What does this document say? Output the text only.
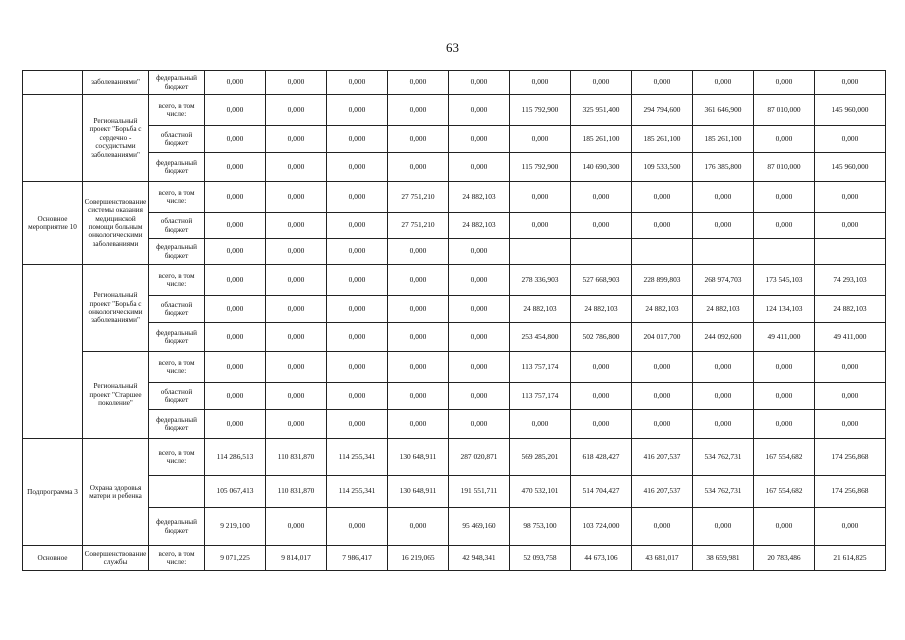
63
	заболеваниями"	федеральный бюджет	0,000	0,000	0,000	0,000	0,000	0,000	0,000	0,000	0,000	0,000	0,000
	Региональный проект "Борьба с сердечно - сосудистыми заболеваниями"	всего, в том числе:	0,000	0,000	0,000	0,000	0,000	115 792,900	325 951,400	294 794,600	361 646,900	87 010,000	145 960,000
		областной бюджет	0,000	0,000	0,000	0,000	0,000	0,000	185 261,100	185 261,100	185 261,100	0,000	0,000
		федеральный бюджет	0,000	0,000	0,000	0,000	0,000	115 792,900	140 690,300	109 533,500	176 385,800	87 010,000	145 960,000
Основное мероприятие 10	Совершенствование системы оказания медицинской помощи больным онкологическими заболеваниями	всего, в том числе:	0,000	0,000	0,000	27 751,210	24 882,103	0,000	0,000	0,000	0,000	0,000	0,000
		областной бюджет	0,000	0,000	0,000	27 751,210	24 882,103	0,000	0,000	0,000	0,000	0,000	0,000
		федеральный бюджет	0,000	0,000	0,000	0,000	0,000						
	Региональный проект "Борьба с онкологическими заболеваниями"	всего, в том числе:	0,000	0,000	0,000	0,000	0,000	278 336,903	527 668,903	228 899,803	268 974,703	173 545,103	74 293,103
		областной бюджет	0,000	0,000	0,000	0,000	0,000	24 882,103	24 882,103	24 882,103	24 882,103	124 134,103	24 882,103
		федеральный бюджет	0,000	0,000	0,000	0,000	0,000	253 454,800	502 786,800	204 017,700	244 092,600	49 411,000	49 411,000
	Региональный проект "Старшее поколение"	всего, в том числе:	0,000	0,000	0,000	0,000	0,000	113 757,174	0,000	0,000	0,000	0,000	0,000
		областной бюджет	0,000	0,000	0,000	0,000	0,000	113 757,174	0,000	0,000	0,000	0,000	0,000
		федеральный бюджет	0,000	0,000	0,000	0,000	0,000	0,000	0,000	0,000	0,000	0,000	0,000
Подпрограмма 3	Охрана здоровья матери и ребенка	всего, в том числе:	114 286,513	110 831,870	114 255,341	130 648,911	287 020,871	569 285,201	618 428,427	416 207,537	534 762,731	167 554,682	174 256,868
			105 067,413	110 831,870	114 255,341	130 648,911	191 551,711	470 532,101	514 704,427	416 207,537	534 762,731	167 554,682	174 256,868
		федеральный бюджет	9 219,100	0,000	0,000	0,000	95 469,160	98 753,100	103 724,000	0,000	0,000	0,000	0,000
Основное	Совершенствование службы	всего, в том числе:	9 071,225	9 814,017	7 986,417	16 219,065	42 948,341	52 093,758	44 673,106	43 681,017	38 659,981	20 783,486	21 614,825
